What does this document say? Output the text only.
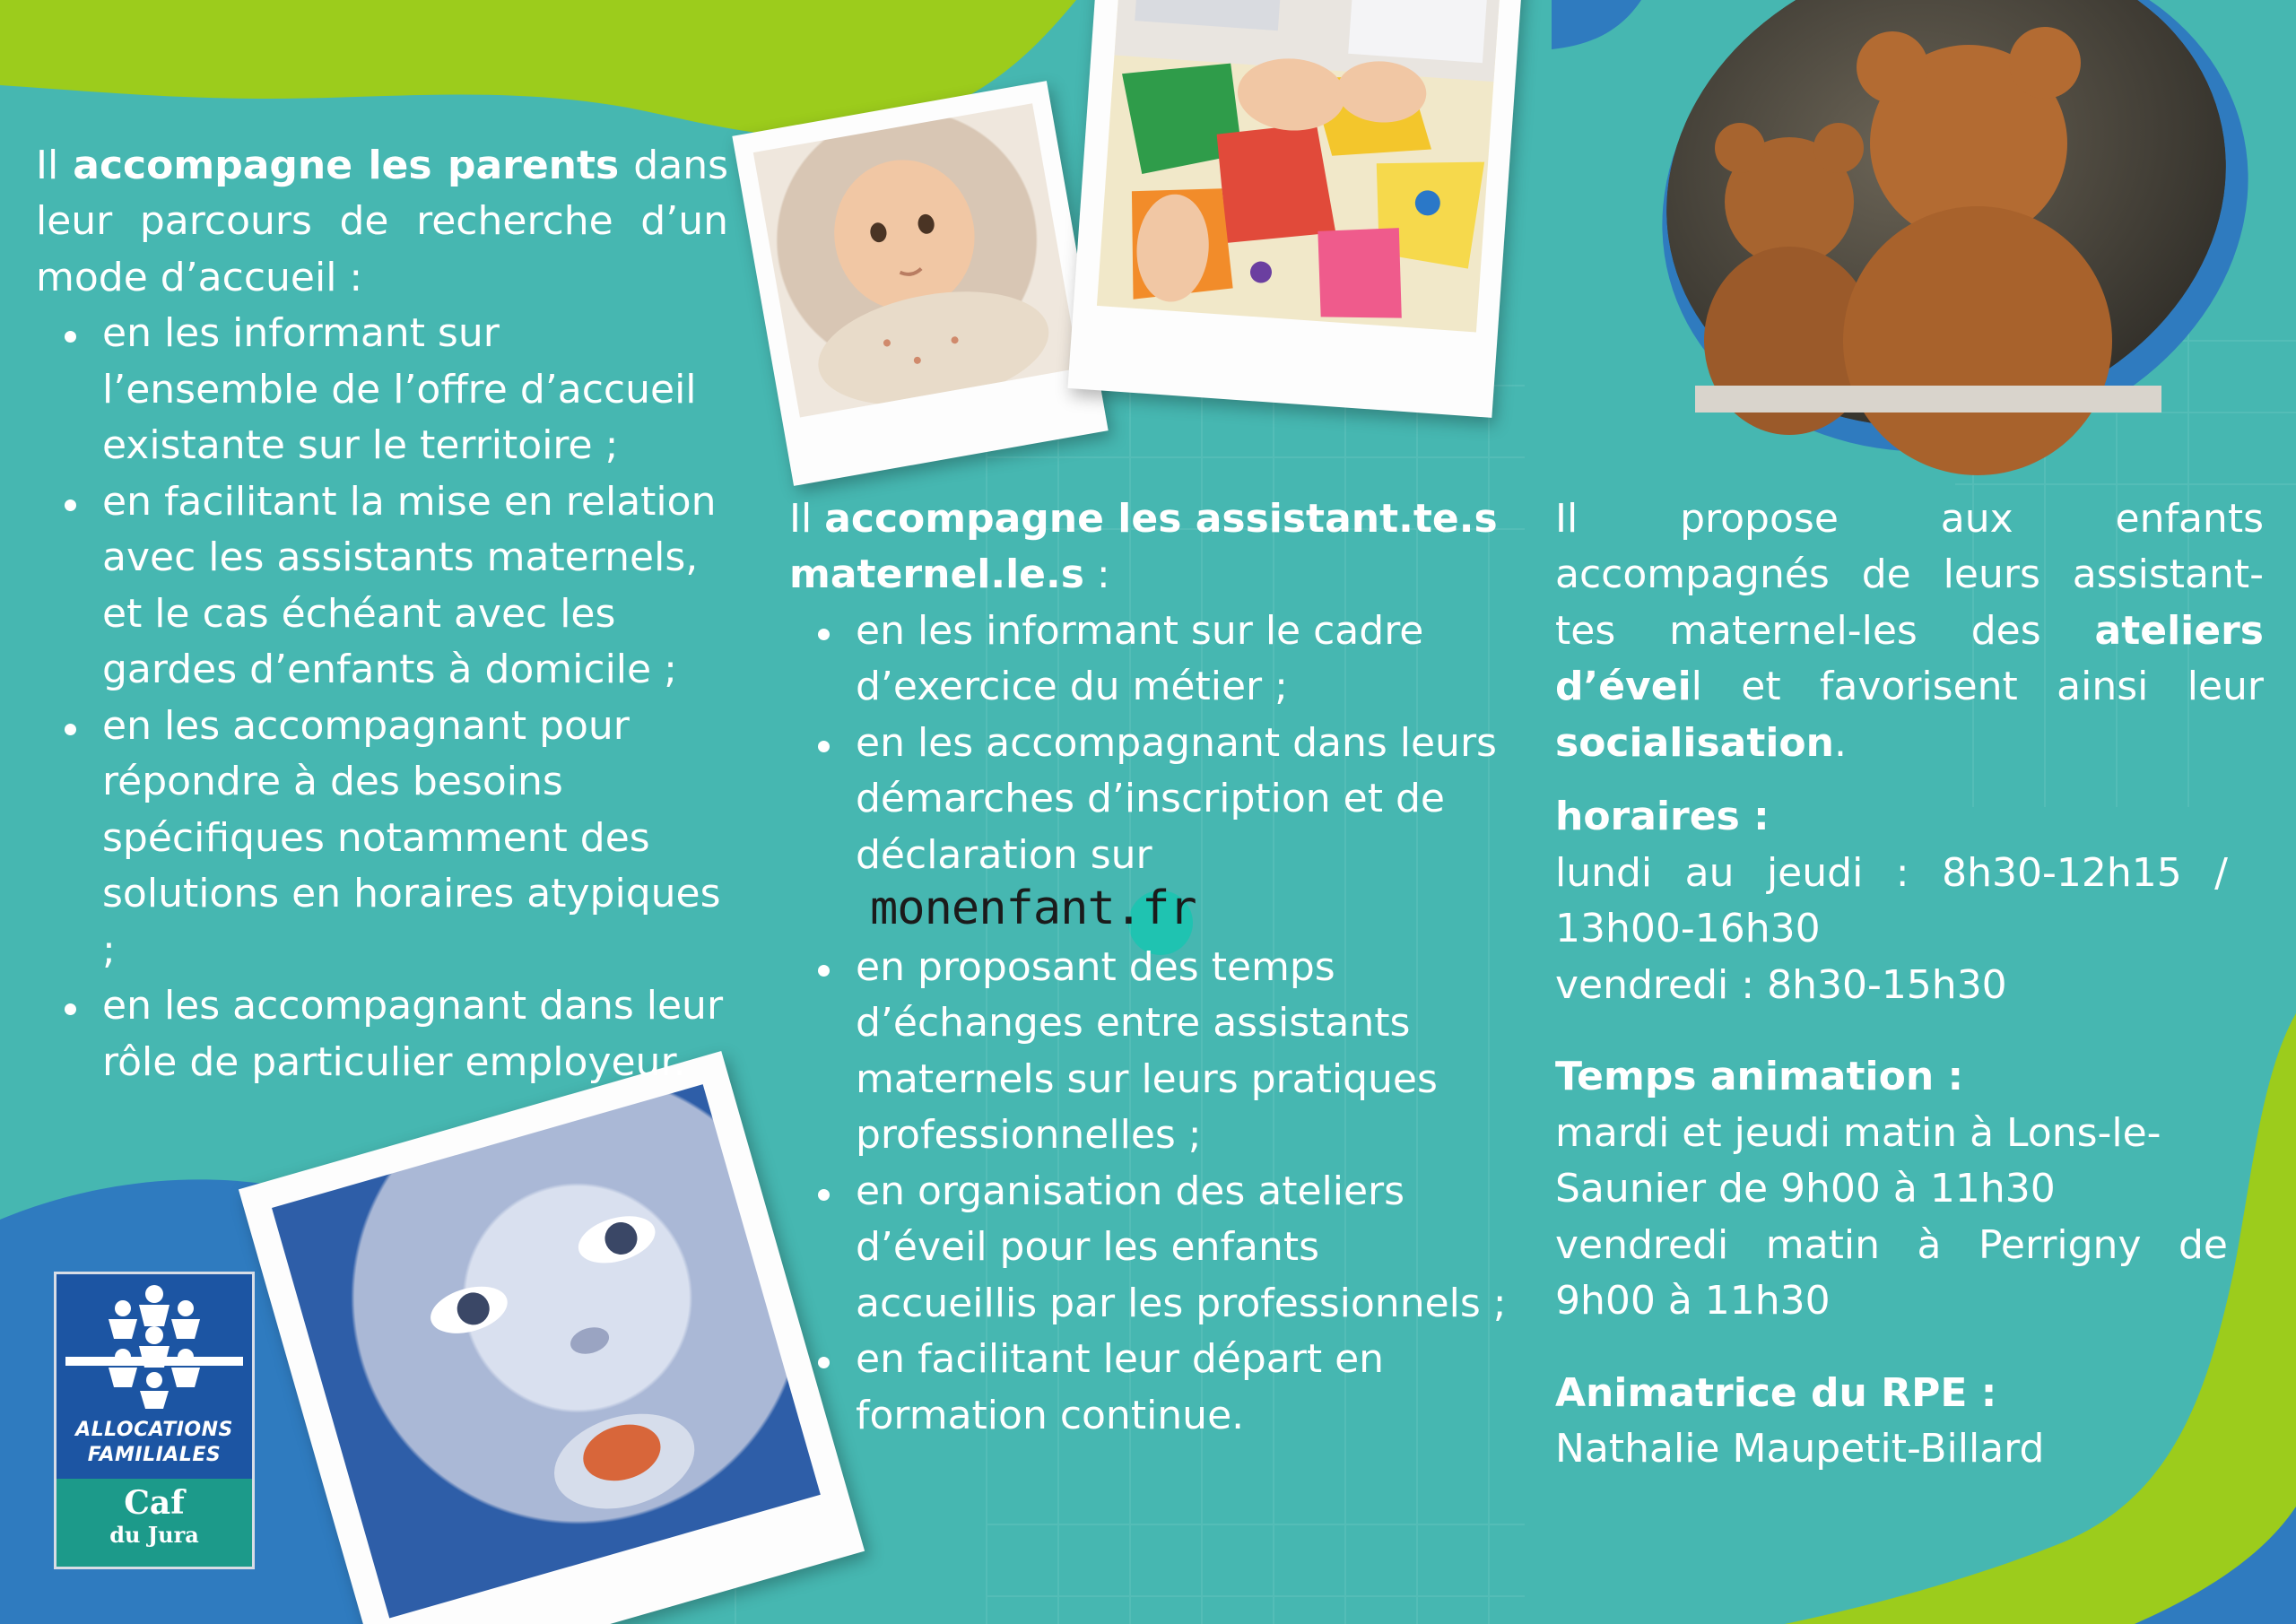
Il accompagne les parents dans leur parcours de recherche d’un mode d’accueil :

en les informant sur l’ensemble de l’offre d’accueil existante sur le territoire ;
en facilitant la mise en relation avec les assistants maternels, et le cas échéant avec les gardes d’enfants à domicile ;
en les accompagnant pour répondre à des besoins spécifiques notamment des solutions en horaires atypiques ;
en les accompagnant dans leur rôle de particulier employeur.

Il accompagne les assistant.te.s maternel.le.s :

en les informant sur le cadre d’exercice du métier ;
en les accompagnant dans leurs démarches d’inscription et de déclaration sur

monenfant.fr
en proposant des temps d’échanges entre assistants maternels sur leurs pratiques professionnelles ;
en organisation des ateliers d’éveil pour les enfants accueillis par les professionnels ;
en facilitant leur départ en formation continue.

Il propose aux enfants accompagnés de leurs assistant-tes maternel-les des ateliers d’éveil et favorisent ainsi leur socialisation.

horaires :

lundi au jeudi : 8h30-12h15 / 13h00-16h30

vendredi : 8h30-15h30

Temps animation :

mardi et jeudi matin à Lons-le-Saunier de 9h00 à 11h30

vendredi matin à Perrigny de 9h00 à 11h30

Animatrice du RPE :

Nathalie Maupetit-Billard

ALLOCATIONS
FAMILIALES
Caf
du Jura
